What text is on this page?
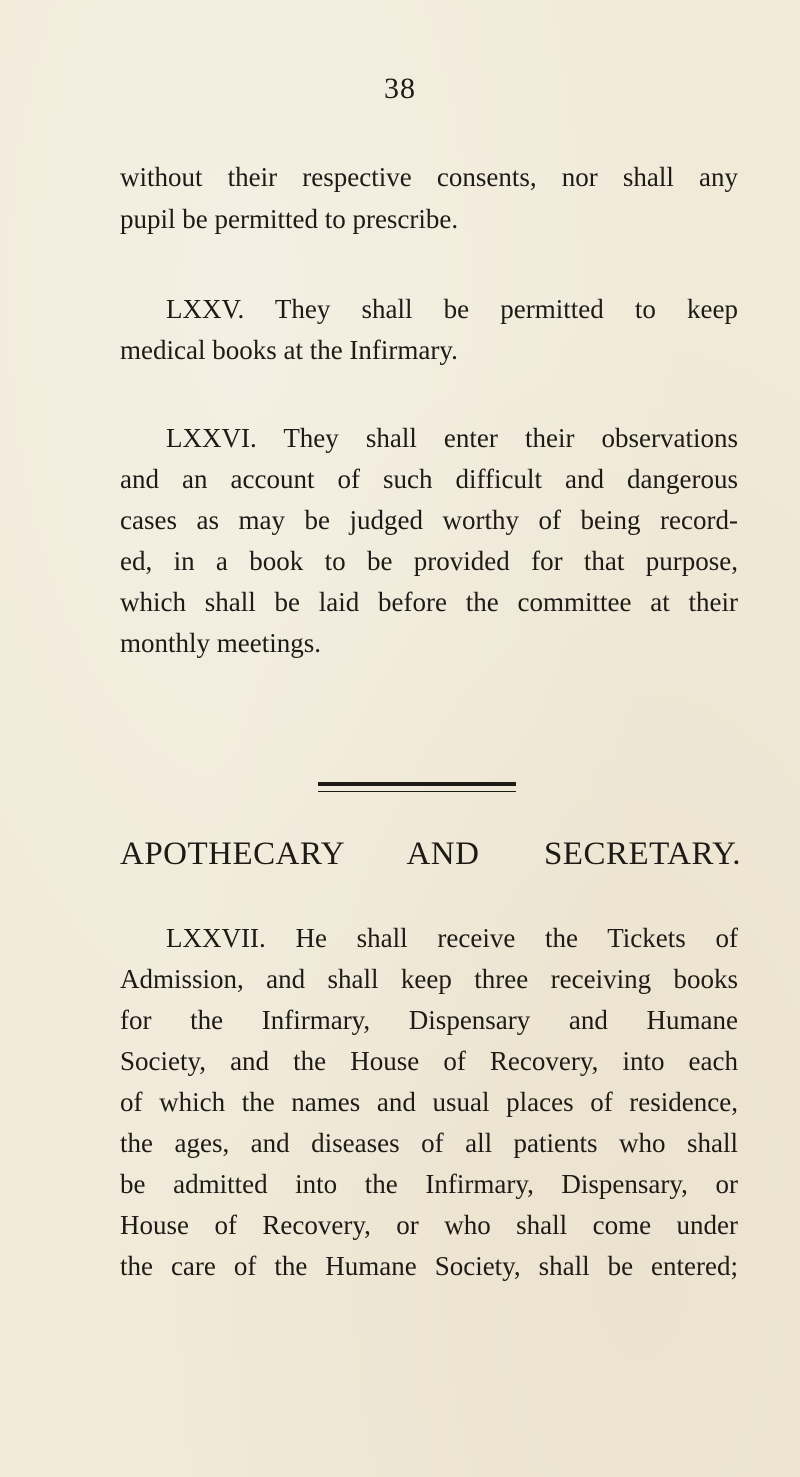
38
without their respective consents, nor shall any
pupil be permitted to prescribe.
LXXV. They shall be permitted to keep
medical books at the Infirmary.
LXXVI. They shall enter their observations
and an account of such difficult and dangerous
cases as may be judged worthy of being record-
ed, in a book to be provided for that purpose,
which shall be laid before the committee at their
monthly meetings.
APOTHECARY AND SECRETARY.
LXXVII. He shall receive the Tickets of
Admission, and shall keep three receiving books
for the Infirmary, Dispensary and Humane
Society, and the House of Recovery, into each
of which the names and usual places of residence,
the ages, and diseases of all patients who shall
be admitted into the Infirmary, Dispensary, or
House of Recovery, or who shall come under
the care of the Humane Society, shall be entered;
